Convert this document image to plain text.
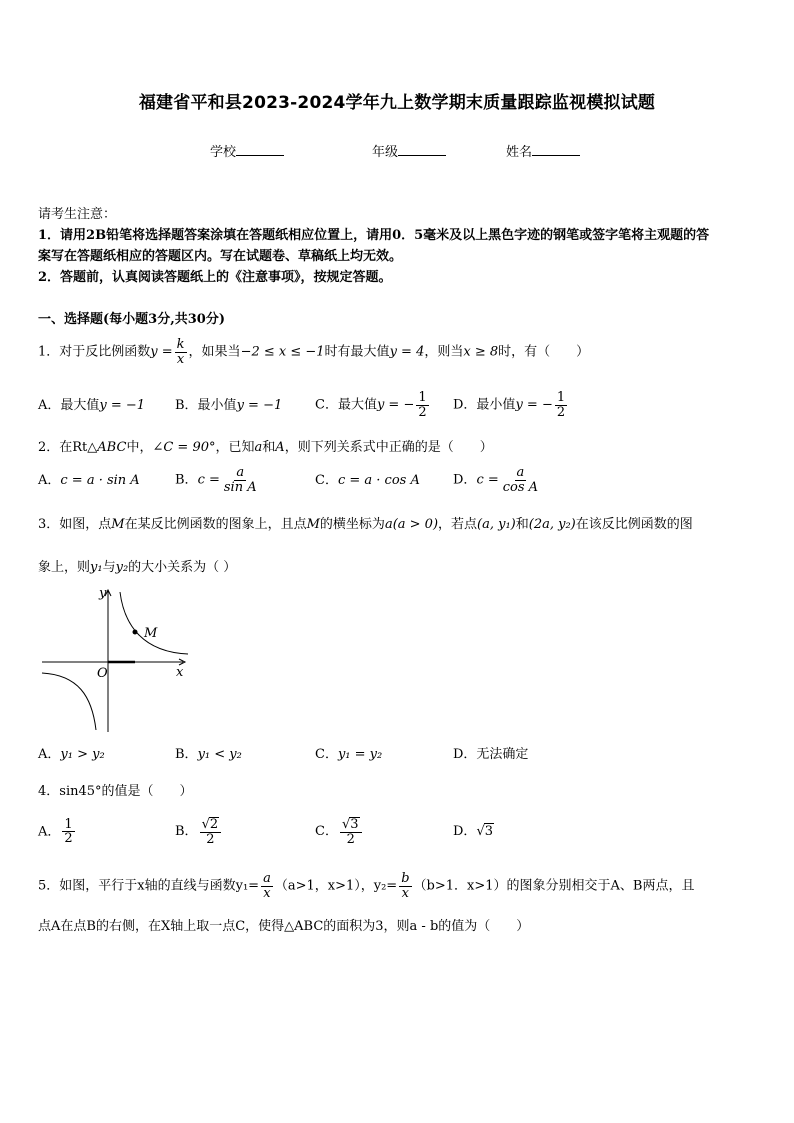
福建省平和县2023-2024学年九上数学期末质量跟踪监视模拟试题
学校	年级	姓名
请考生注意：
1．请用2B铅笔将选择题答案涂填在答题纸相应位置上，请用0．5毫米及以上黑色字迹的钢笔或签字笔将主观题的答
案写在答题纸相应的答题区内。写在试题卷、草稿纸上均无效。
2．答题前，认真阅读答题纸上的《注意事项》，按规定答题。
一、选择题(每小题3分,共30分)
1．对于反比例函数$y = \frac{k}{x}$ ，如果当−2 ≤ x ≤ −1时有最大值y = 4，则当x ≥ 8时，有（　　）
A．最大值y = −1 B．最小值y = −1	C．最大值y = − $\frac{1}{2}$ D．最小值y = − $\frac{1}{2}$
2．在Rt△ABC中，∠C = 90°，已知a和A，则下列关系式中正确的是（　　）
A．c = a · sin A	B．$c = \frac{a}{\text{sin A}}$	C．c = a · cos A	D．$c = \frac{a}{\text{cos A}}$
3．如图，点M在某反比例函数的图象上，且点M的横坐标为a(a > 0)，若点(a, y₁)和(2a, y₂)在该反比例函数的图
象上，则y₁与y₂的大小关系为（ ）
M
y
x
O
A．y₁ > y₂	B．y₁ < y₂	C．y₁ = y₂	D．无法确定
4．sin45°的值是（　　）
A． $\frac{1}{2}$	B． $\frac{√2}{2}$	C． $\frac{√3}{2}$	D．√3
5．如图，平行于x轴的直线与函数$y_1= \frac{a}{x} (a>1$，x>1），$y_2= \frac{b}{x} (b>1$．x>1）的图象分别相交于A、B两点，且
点A在点B的右侧，在X轴上取一点C，使得△ABC的面积为3，则a - b的值为（　　）
